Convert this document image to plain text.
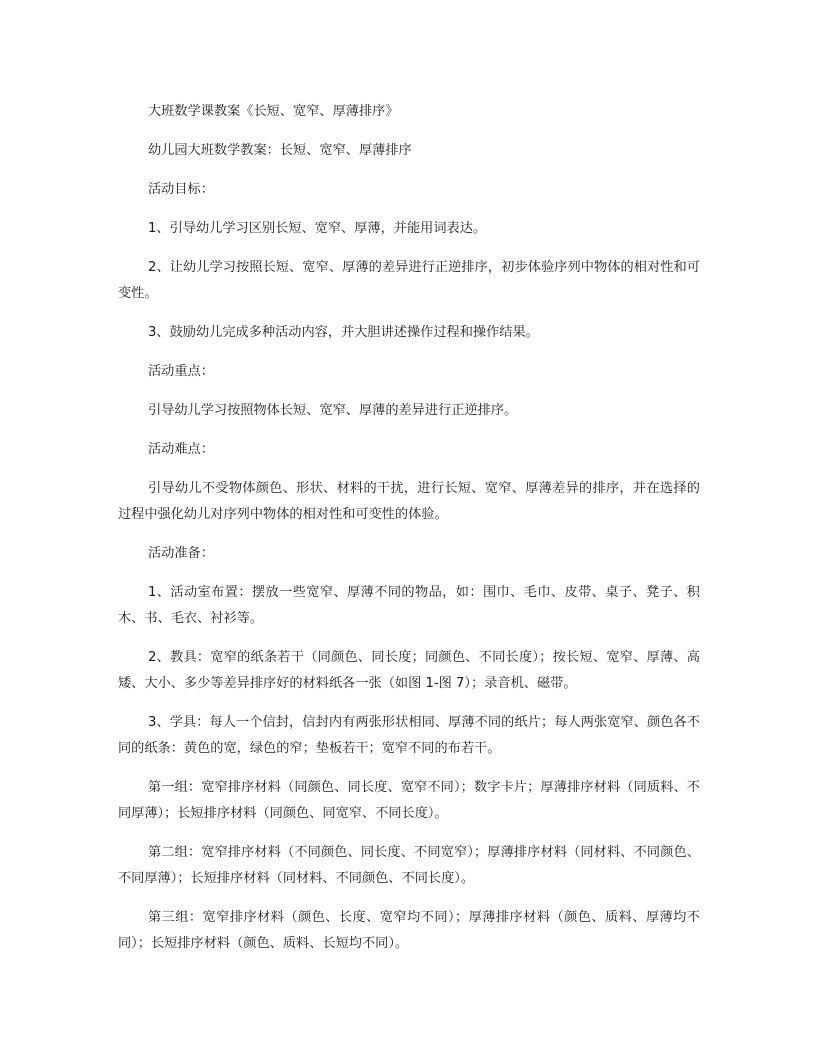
大班数学课教案《长短、宽窄、厚薄排序》

幼儿园大班数学教案：长短、宽窄、厚薄排序

活动目标：

1、引导幼儿学习区别长短、宽窄、厚薄，并能用词表达。

2、让幼儿学习按照长短、宽窄、厚薄的差异进行正逆排序，初步体验序列中物体的相对性和可变性。

3、鼓励幼儿完成多种活动内容，并大胆讲述操作过程和操作结果。

活动重点：

引导幼儿学习按照物体长短、宽窄、厚薄的差异进行正逆排序。

活动难点：

引导幼儿不受物体颜色、形状、材料的干扰，进行长短、宽窄、厚薄差异的排序，并在选择的过程中强化幼儿对序列中物体的相对性和可变性的体验。

活动准备：

1、活动室布置：摆放一些宽窄、厚薄不同的物品，如：围巾、毛巾、皮带、桌子、凳子、积木、书、毛衣、衬衫等。

2、教具：宽窄的纸条若干（同颜色、同长度；同颜色、不同长度）；按长短、宽窄、厚薄、高矮、大小、多少等差异排序好的材料纸各一张（如图 1-图 7）；录音机、磁带。

3、学具：每人一个信封，信封内有两张形状相同、厚薄不同的纸片；每人两张宽窄、颜色各不同的纸条：黄色的宽，绿色的窄；垫板若干；宽窄不同的布若干。

第一组：宽窄排序材料（同颜色、同长度、宽窄不同）；数字卡片；厚薄排序材料（同质料、不同厚薄）；长短排序材料（同颜色、同宽窄、不同长度）。

第二组：宽窄排序材料（不同颜色、同长度、不同宽窄）；厚薄排序材料（同材料、不同颜色、不同厚薄）；长短排序材料（同材料、不同颜色、不同长度）。

第三组：宽窄排序材料（颜色、长度、宽窄均不同）；厚薄排序材料（颜色、质料、厚薄均不同）；长短排序材料（颜色、质料、长短均不同）。
